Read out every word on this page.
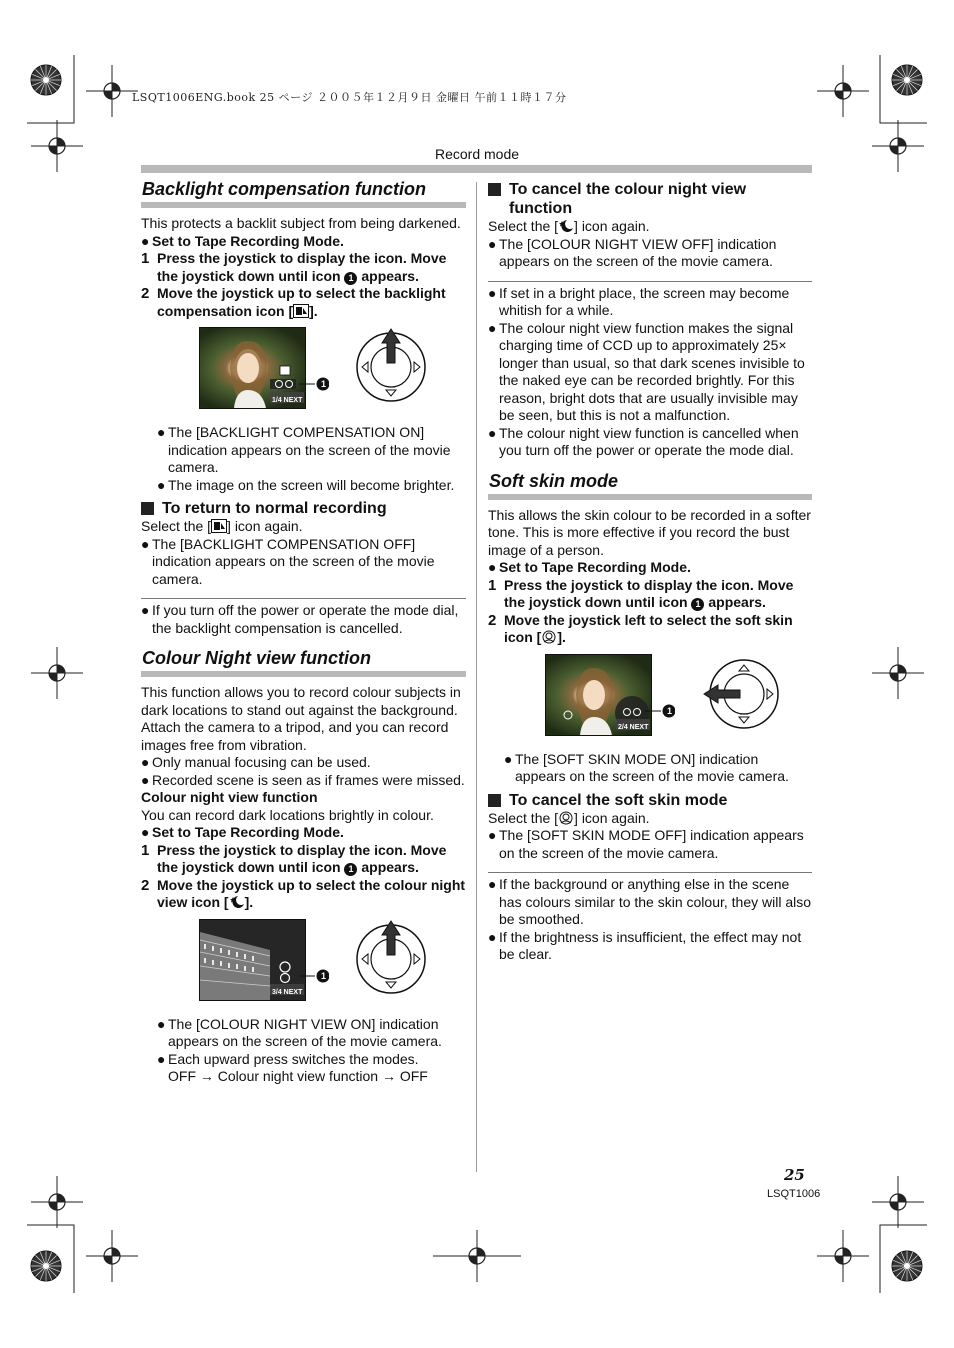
LSQT1006ENG.book 25 ページ ２００５年１２月９日 金曜日 午前１１時１７分
Record mode
Backlight compensation function

This protects a backlit subject from being darkened.

● Set to Tape Recording Mode.

1 Press the joystick to display the icon. Move the joystick down until icon 1 appears.
2 Move the joystick up to select the backlight compensation icon [ ].
1/4 NEXT
1

● The [BACKLIGHT COMPENSATION ON] indication appears on the screen of the movie camera.

● The image on the screen will become brighter.

To return to normal recording

Select the [ ] icon again.

● The [BACKLIGHT COMPENSATION OFF] indication appears on the screen of the movie camera.

● If you turn off the power or operate the mode dial, the backlight compensation is cancelled.

Colour Night view function

This function allows you to record colour subjects in dark locations to stand out against the background.

Attach the camera to a tripod, and you can record images free from vibration.

● Only manual focusing can be used.

● Recorded scene is seen as if frames were missed.

Colour night view function

You can record dark locations brightly in colour.

● Set to Tape Recording Mode.

1 Press the joystick to display the icon. Move the joystick down until icon 1 appears.
2 Move the joystick up to select the colour night view icon [ ].
3/4 NEXT
1

● The [COLOUR NIGHT VIEW ON] indication appears on the screen of the movie camera.

● Each upward press switches the modes.

OFF → Colour night view function → OFF

To cancel the colour night view function

Select the [ ] icon again.

● The [COLOUR NIGHT VIEW OFF] indication appears on the screen of the movie camera.

● If set in a bright place, the screen may become whitish for a while.

● The colour night view function makes the signal charging time of CCD up to approximately 25× longer than usual, so that dark scenes invisible to the naked eye can be recorded brightly. For this reason, bright dots that are usually invisible may be seen, but this is not a malfunction.

● The colour night view function is cancelled when you turn off the power or operate the mode dial.

Soft skin mode

This allows the skin colour to be recorded in a softer tone. This is more effective if you record the bust image of a person.

● Set to Tape Recording Mode.

1 Press the joystick to display the icon. Move the joystick down until icon 1 appears.
2 Move the joystick left to select the soft skin icon [ ].
2/4 NEXT
1

● The [SOFT SKIN MODE ON] indication appears on the screen of the movie camera.

To cancel the soft skin mode

Select the [ ] icon again.

● The [SOFT SKIN MODE OFF] indication appears on the screen of the movie camera.

● If the background or anything else in the scene has colours similar to the skin colour, they will also be smoothed.

● If the brightness is insufficient, the effect may not be clear.

25
LSQT1006
